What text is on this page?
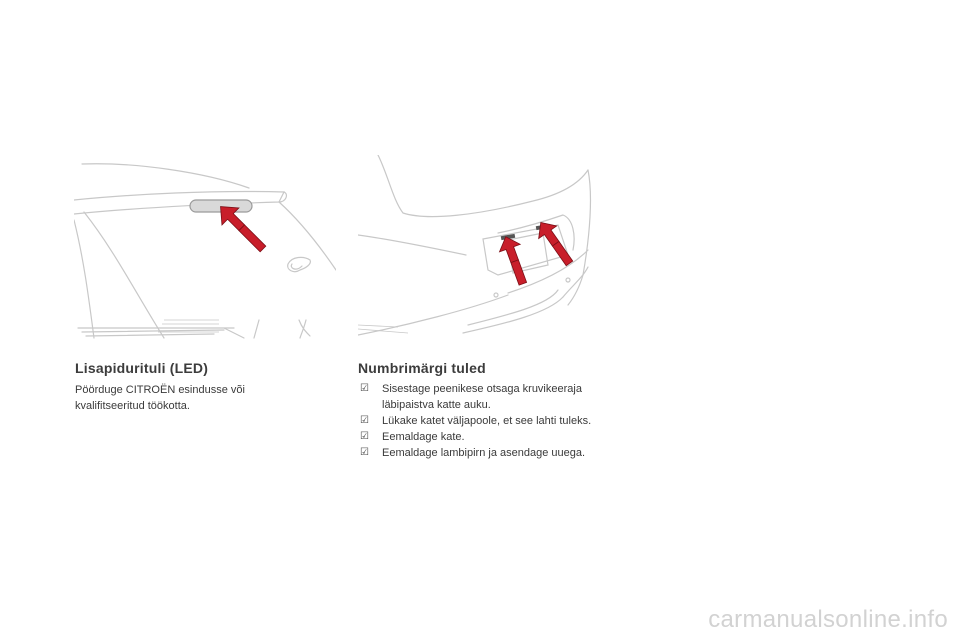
Lisapidurituli (LED)
Pöörduge CITROËN esindusse või
kvalifitseeritud töökotta.
Numbrimärgi tuled
☑ Sisestage peenikese otsaga kruvikeeraja
läbipaistva katte auku.
☑ Lükake katet väljapoole, et see lahti tuleks.
☑ Eemaldage kate.
☑ Eemaldage lambipirn ja asendage uuega.
carmanualsonline.info
